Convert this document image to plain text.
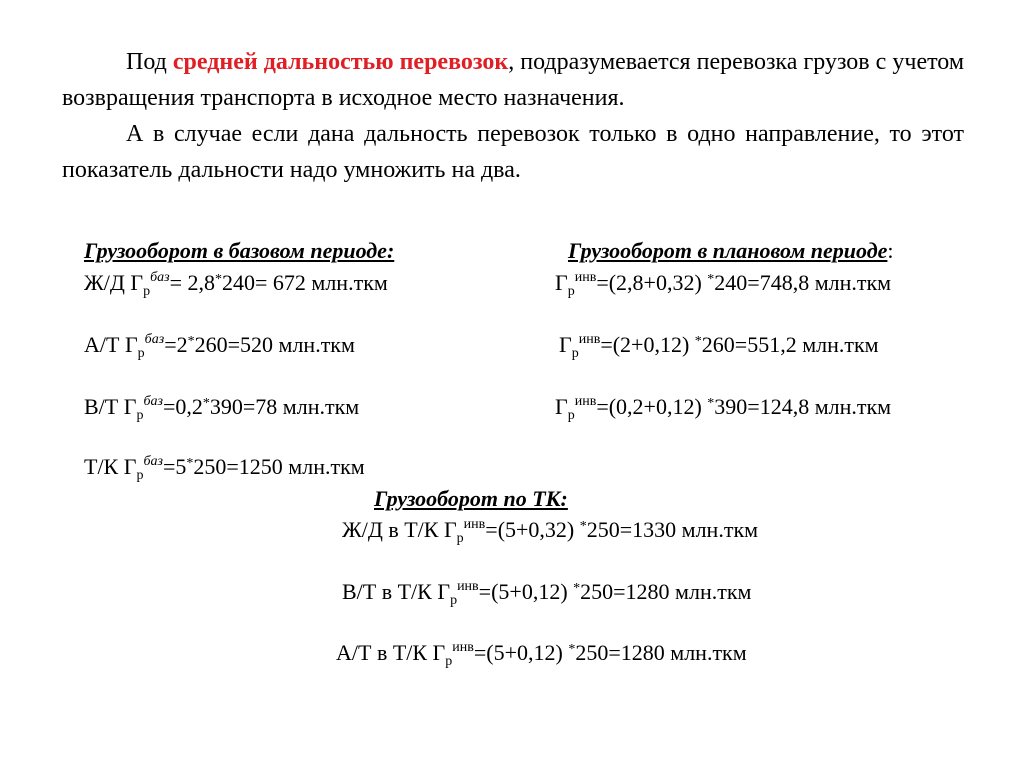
Под средней дальностью перевозок, подразумевается перевозка грузов с учетом возвращения транспорта в исходное место назначения.

А в случае если дана дальность перевозок только в одно направление, то этот показатель дальности надо умножить на два.

Грузооборот в базовом периоде:
Ж/Д $Г_р^{баз}= 2,8^*240= 672$ млн.ткм
А/Т $Г_р^{баз}=2^*260=520$ млн.ткм
В/Т $Г_р^{баз}=0,2^*390=78$ млн.ткм
Т/К $Г_р^{баз}=5^*250=1250$ млн.ткм
Грузооборот в плановом периоде:
$Г_р^{инв}=(2,8+0,32)$ *240=748,8 млн.ткм
$Г_р^{инв}=(2+0,12)$ *260=551,2 млн.ткм
$Г_р^{инв}=(0,2+0,12)$ *390=124,8 млн.ткм
Грузооборот по ТК:
Ж/Д в Т/К $Г_р^{инв}=(5+0,32)$ *250=1330 млн.ткм
В/Т в Т/К $Г_р^{инв}=(5+0,12)$ *250=1280 млн.ткм
А/Т в Т/К $Г_р^{инв}=(5+0,12)$ *250=1280 млн.ткм
